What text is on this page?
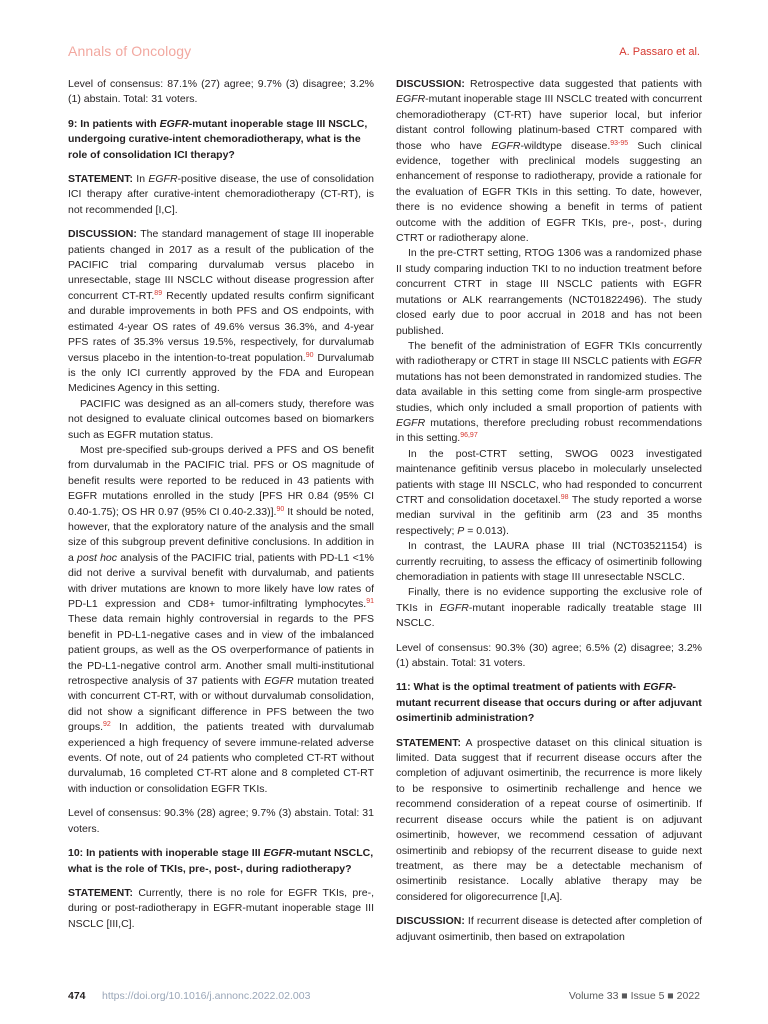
Annals of Oncology	A. Passaro et al.

Level of consensus: 87.1% (27) agree; 9.7% (3) disagree; 3.2% (1) abstain. Total: 31 voters.

9: In patients with EGFR-mutant inoperable stage III NSCLC, undergoing curative-intent chemoradiotherapy, what is the role of consolidation ICI therapy?

STATEMENT: In EGFR-positive disease, the use of consolidation ICI therapy after curative-intent chemoradiotherapy (CT-RT), is not recommended [I,C].

DISCUSSION: The standard management of stage III inoperable patients changed in 2017 as a result of the publication of the PACIFIC trial comparing durvalumab versus placebo in unresectable, stage III NSCLC without disease progression after concurrent CT-RT.$^{89}$ Recently updated results confirm significant and durable improvements in both PFS and OS endpoints, with estimated 4-year OS rates of 49.6% versus 36.3%, and 4-year PFS rates of 35.3% versus 19.5%, respectively, for durvalumab versus placebo in the intention-to-treat population.$^{90}$ Durvalumab is the only ICI currently approved by the FDA and European Medicines Agency in this setting.

PACIFIC was designed as an all-comers study, therefore was not designed to evaluate clinical outcomes based on biomarkers such as EGFR mutation status.

Most pre-specified sub-groups derived a PFS and OS benefit from durvalumab in the PACIFIC trial. PFS or OS magnitude of benefit results were reported to be reduced in 43 patients with EGFR mutations enrolled in the study [PFS HR 0.84 (95% CI 0.40-1.75); OS HR 0.97 (95% CI 0.40-2.33)].$^{90}$ It should be noted, however, that the exploratory nature of the analysis and the small size of this subgroup prevent definitive conclusions. In addition in a post hoc analysis of the PACIFIC trial, patients with PD-L1 <1% did not derive a survival benefit with durvalumab, and patients with driver mutations are known to more likely have low rates of PD-L1 expression and CD8+ tumor-infiltrating lymphocytes.$^{91}$ These data remain highly controversial in regards to the PFS benefit in PD-L1-negative cases and in view of the imbalanced patient groups, as well as the OS overperformance of patients in the PD-L1-negative control arm. Another small multi-institutional retrospective analysis of 37 patients with EGFR mutation treated with concurrent CT-RT, with or without durvalumab consolidation, did not show a significant difference in PFS between the two groups.$^{92}$ In addition, the patients treated with durvalumab experienced a high frequency of severe immune-related adverse events. Of note, out of 24 patients who completed CT-RT without durvalumab, 16 completed CT-RT alone and 8 completed CT-RT with induction or consolidation EGFR TKIs.

Level of consensus: 90.3% (28) agree; 9.7% (3) abstain. Total: 31 voters.

10: In patients with inoperable stage III EGFR-mutant NSCLC, what is the role of TKIs, pre-, post-, during radiotherapy?

STATEMENT: Currently, there is no role for EGFR TKIs, pre-, during or post-radiotherapy in EGFR-mutant inoperable stage III NSCLC [III,C].

DISCUSSION: Retrospective data suggested that patients with EGFR-mutant inoperable stage III NSCLC treated with concurrent chemoradiotherapy (CT-RT) have superior local, but inferior distant control following platinum-based CTRT compared with those who have EGFR-wildtype disease.$^{93-95}$ Such clinical evidence, together with preclinical models suggesting an enhancement of response to radiotherapy, provide a rationale for the evaluation of EGFR TKIs in this setting. To date, however, there is no evidence showing a benefit in terms of patient outcome with the addition of EGFR TKIs, pre-, post-, during CTRT or radiotherapy alone.

In the pre-CTRT setting, RTOG 1306 was a randomized phase II study comparing induction TKI to no induction treatment before concurrent CTRT in stage III NSCLC patients with EGFR mutations or ALK rearrangements (NCT01822496). The study closed early due to poor accrual in 2018 and has not been published.

The benefit of the administration of EGFR TKIs concurrently with radiotherapy or CTRT in stage III NSCLC patients with EGFR mutations has not been demonstrated in randomized studies. The data available in this setting come from single-arm prospective studies, which only included a small proportion of patients with EGFR mutations, therefore precluding robust recommendations in this setting.$^{96,97}$

In the post-CTRT setting, SWOG 0023 investigated maintenance gefitinib versus placebo in molecularly unselected patients with stage III NSCLC, who had responded to concurrent CTRT and consolidation docetaxel.$^{98}$ The study reported a worse median survival in the gefitinib arm (23 and 35 months respectively; P = 0.013).

In contrast, the LAURA phase III trial (NCT03521154) is currently recruiting, to assess the efficacy of osimertinib following chemoradiation in patients with stage III unresectable NSCLC.

Finally, there is no evidence supporting the exclusive role of TKIs in EGFR-mutant inoperable radically treatable stage III NSCLC.

Level of consensus: 90.3% (30) agree; 6.5% (2) disagree; 3.2% (1) abstain. Total: 31 voters.

11: What is the optimal treatment of patients with EGFR-mutant recurrent disease that occurs during or after adjuvant osimertinib administration?

STATEMENT: A prospective dataset on this clinical situation is limited. Data suggest that if recurrent disease occurs after the completion of adjuvant osimertinib, the recurrence is more likely to be responsive to osimertinib rechallenge and hence we recommend consideration of a repeat course of osimertinib. If recurrent disease occurs while the patient is on adjuvant osimertinib, however, we recommend cessation of adjuvant osimertinib and rebiopsy of the recurrent disease to guide next treatment, as there may be a detectable mechanism of osimertinib resistance. Locally ablative therapy may be considered for oligorecurrence [I,A].

DISCUSSION: If recurrent disease is detected after completion of adjuvant osimertinib, then based on extrapolation

474 https://doi.org/10.1016/j.annonc.2022.02.003	Volume 33 ■ Issue 5 ■ 2022
